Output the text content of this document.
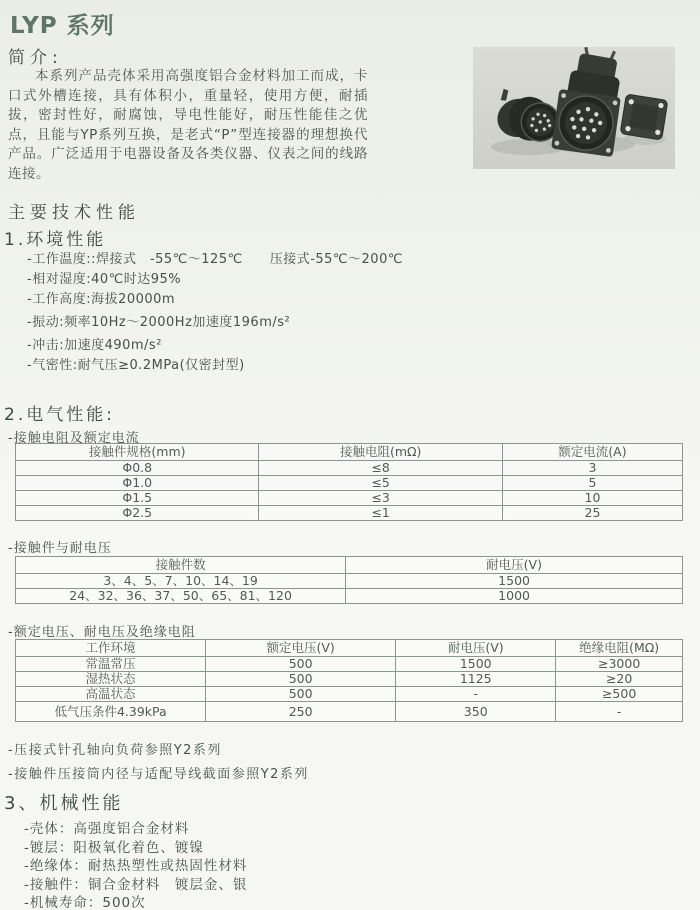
LYP 系列
简介:
本系列产品壳体采用高强度铝合金材料加工而成，卡口式外槽连接，具有体积小，重量轻，使用方便，耐插拔，密封性好，耐腐蚀，导电性能好，耐压性能佳之优点，且能与YP系列互换，是老式“P”型连接器的理想换代产品。广泛适用于电器设备及各类仪器、仪表之间的线路连接。
主要技术性能
1.环境性能
-工作温度::焊接式　-55℃～125℃　　压接式-55℃～200℃
-相对湿度:40℃时达95%
-工作高度:海拔20000m
-振动:频率10Hz～2000Hz加速度196m/s²
-冲击:加速度490m/s²
-气密性:耐气压≥0.2MPa(仅密封型)
2.电气性能:
-接触电阻及额定电流
接触件规格(mm)	接触电阻(mΩ)	额定电流(A)
Φ0.8	≤8	3
Φ1.0	≤5	5
Φ1.5	≤3	10
Φ2.5	≤1	25
-接触件与耐电压
接触件数	耐电压(V)
3、4、5、7、10、14、19	1500
24、32、36、37、50、65、81、120	1000
-额定电压、耐电压及绝缘电阻
工作环境	额定电压(V)	耐电压(V)	绝缘电阻(MΩ)
常温常压	500	1500	≥3000
湿热状态	500	1125	≥20
高温状态	500	-	≥500
低气压条件4.39kPa	250	350	-
-压接式针孔轴向负荷参照Y2系列
-接触件压接筒内径与适配导线截面参照Y2系列
3、机械性能
-壳体：高强度铝合金材料
-镀层：阳极氧化着色、镀镍
-绝缘体：耐热热塑性或热固性材料
-接触件：铜合金材料　镀层金、银
-机械寿命：500次
